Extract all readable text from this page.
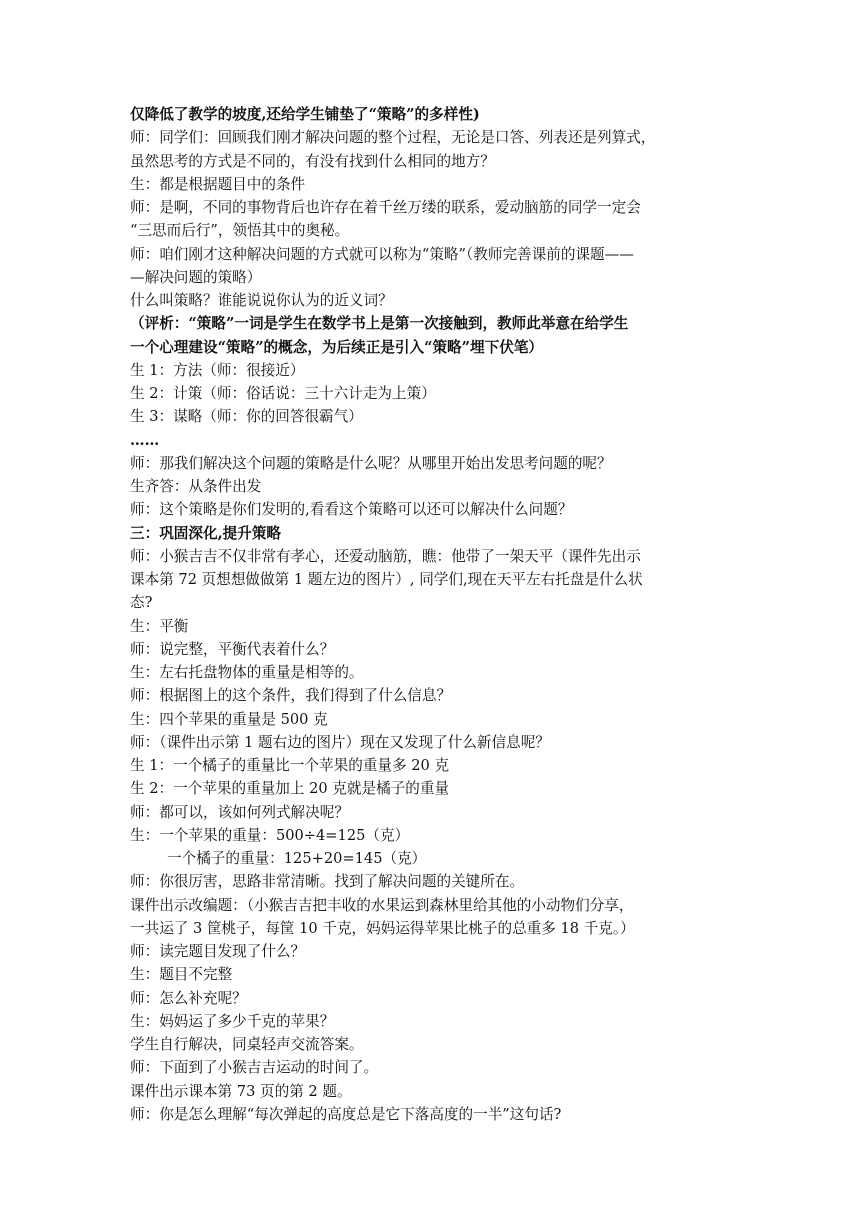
仅降低了教学的坡度,还给学生铺垫了“策略”的多样性)
师：同学们：回顾我们刚才解决问题的整个过程，无论是口答、列表还是列算式，
虽然思考的方式是不同的，有没有找到什么相同的地方？
生：都是根据题目中的条件
师：是啊，不同的事物背后也许存在着千丝万缕的联系，爱动脑筋的同学一定会
“三思而后行”，领悟其中的奥秘。
师：咱们刚才这种解决问题的方式就可以称为“策略”（教师完善课前的课题——
—解决问题的策略）
什么叫策略？谁能说说你认为的近义词？
（评析：“策略”一词是学生在数学书上是第一次接触到，教师此举意在给学生
一个心理建设“策略”的概念，为后续正是引入“策略”埋下伏笔）
生 1：方法（师：很接近）
生 2：计策（师：俗话说：三十六计走为上策）
生 3：谋略（师：你的回答很霸气）
……
师：那我们解决这个问题的策略是什么呢？从哪里开始出发思考问题的呢？
生齐答：从条件出发
师：这个策略是你们发明的,看看这个策略可以还可以解决什么问题？
三：巩固深化,提升策略
师：小猴吉吉不仅非常有孝心，还爱动脑筋，瞧：他带了一架天平（课件先出示
课本第 72 页想想做做第 1 题左边的图片）, 同学们,现在天平左右托盘是什么状
态?
生：平衡
师：说完整，平衡代表着什么？
生：左右托盘物体的重量是相等的。
师：根据图上的这个条件，我们得到了什么信息？
生：四个苹果的重量是 500 克
师：（课件出示第 1 题右边的图片）现在又发现了什么新信息呢？
生 1：一个橘子的重量比一个苹果的重量多 20 克
生 2：一个苹果的重量加上 20 克就是橘子的重量
师：都可以，该如何列式解决呢？
生：一个苹果的重量：500÷4=125（克）
一个橘子的重量：125+20=145（克）
师：你很厉害，思路非常清晰。找到了解决问题的关键所在。
课件出示改编题：（小猴吉吉把丰收的水果运到森林里给其他的小动物们分享，
一共运了 3 筐桃子，每筐 10 千克，妈妈运得苹果比桃子的总重多 18 千克。）
师：读完题目发现了什么？
生：题目不完整
师：怎么补充呢？
生：妈妈运了多少千克的苹果？
学生自行解决，同桌轻声交流答案。
师：下面到了小猴吉吉运动的时间了。
课件出示课本第 73 页的第 2 题。
师：你是怎么理解“每次弹起的高度总是它下落高度的一半”这句话?
